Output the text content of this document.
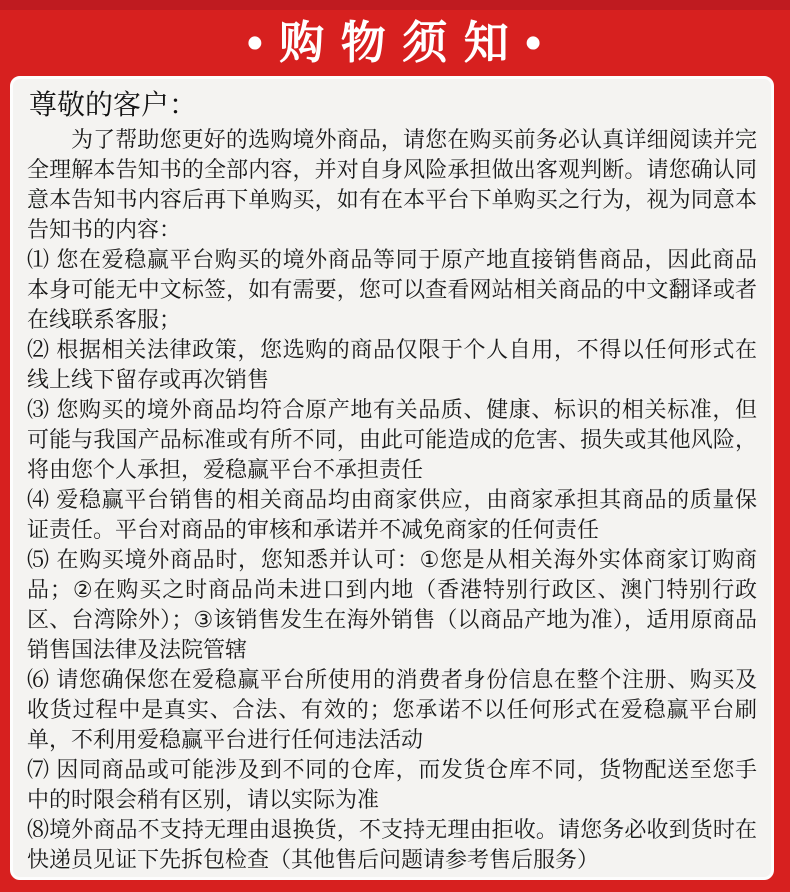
• 购 物 须 知 •
尊敬的客户：

为了帮助您更好的选购境外商品，请您在购买前务必认真详细阅读并完全理解本告知书的全部内容，并对自身风险承担做出客观判断。请您确认同意本告知书内容后再下单购买，如有在本平台下单购买之行为，视为同意本告知书的内容：

⑴ 您在爱稳赢平台购买的境外商品等同于原产地直接销售商品，因此商品本身可能无中文标签，如有需要，您可以查看网站相关商品的中文翻译或者在线联系客服；

⑵ 根据相关法律政策，您选购的商品仅限于个人自用，不得以任何形式在线上线下留存或再次销售

⑶ 您购买的境外商品均符合原产地有关品质、健康、标识的相关标准，但可能与我国产品标准或有所不同，由此可能造成的危害、损失或其他风险，将由您个人承担，爱稳赢平台不承担责任

⑷ 爱稳赢平台销售的相关商品均由商家供应，由商家承担其商品的质量保证责任。平台对商品的审核和承诺并不减免商家的任何责任

⑸ 在购买境外商品时，您知悉并认可：①您是从相关海外实体商家订购商品；②在购买之时商品尚未进口到内地（香港特别行政区、澳门特别行政区、台湾除外）；③该销售发生在海外销售（以商品产地为准），适用原商品销售国法律及法院管辖

⑹ 请您确保您在爱稳赢平台所使用的消费者身份信息在整个注册、购买及收货过程中是真实、合法、有效的；您承诺不以任何形式在爱稳赢平台刷单，不利用爱稳赢平台进行任何违法活动

⑺ 因同商品或可能涉及到不同的仓库，而发货仓库不同，货物配送至您手中的时限会稍有区别，请以实际为准

⑻境外商品不支持无理由退换货，不支持无理由拒收。请您务必收到货时在快递员见证下先拆包检查（其他售后问题请参考售后服务）
